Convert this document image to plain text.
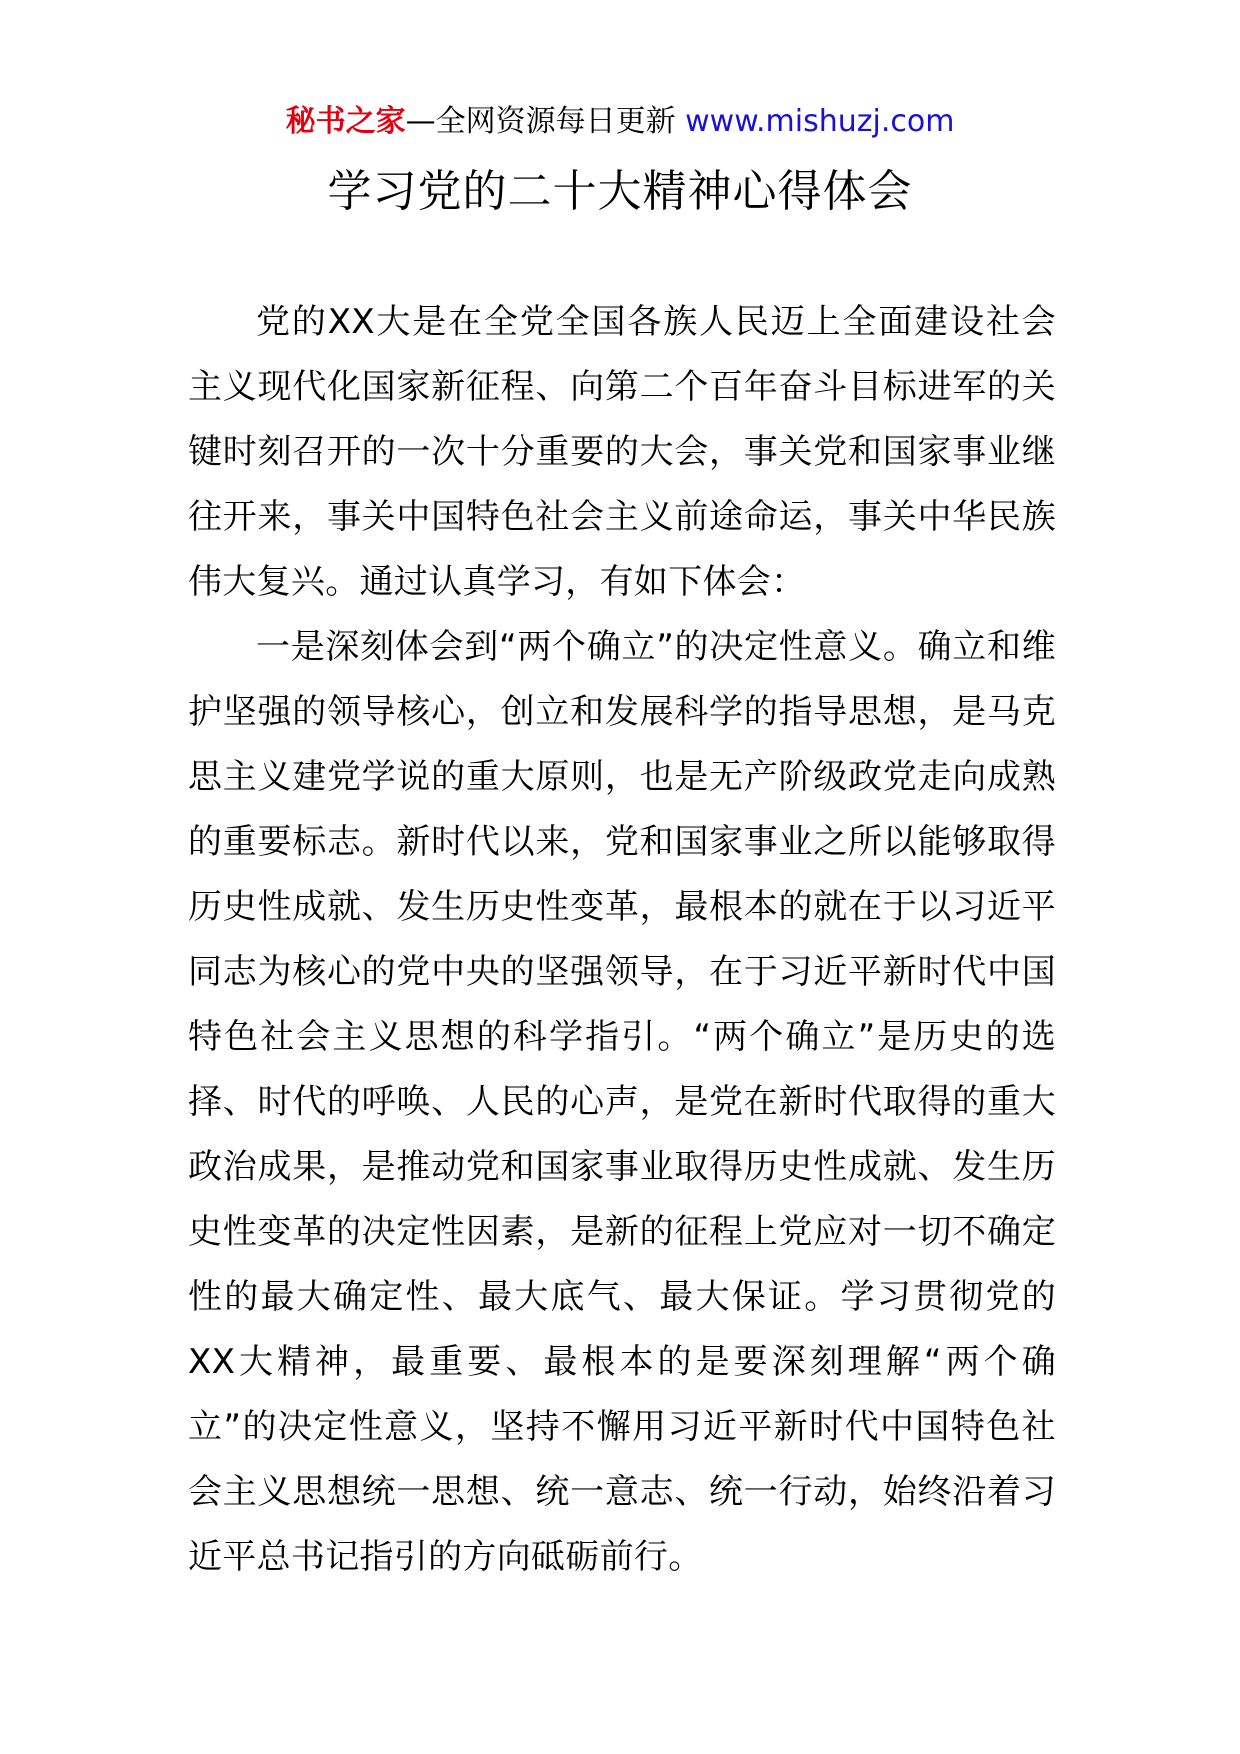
秘书之家—全网资源每日更新 www.mishuzj.com
学习党的二十大精神心得体会

党的XX大是在全党全国各族人民迈上全面建设社会主义现代化国家新征程、向第二个百年奋斗目标进军的关键时刻召开的一次十分重要的大会，事关党和国家事业继往开来，事关中国特色社会主义前途命运，事关中华民族伟大复兴。通过认真学习，有如下体会：

一是深刻体会到“两个确立”的决定性意义。确立和维护坚强的领导核心，创立和发展科学的指导思想，是马克思主义建党学说的重大原则，也是无产阶级政党走向成熟的重要标志。新时代以来，党和国家事业之所以能够取得历史性成就、发生历史性变革，最根本的就在于以习近平同志为核心的党中央的坚强领导，在于习近平新时代中国特色社会主义思想的科学指引。“两个确立”是历史的选择、时代的呼唤、人民的心声，是党在新时代取得的重大政治成果，是推动党和国家事业取得历史性成就、发生历史性变革的决定性因素，是新的征程上党应对一切不确定性的最大确定性、最大底气、最大保证。学习贯彻党的XX大精神，最重要、最根本的是要深刻理解“两个确立”的决定性意义，坚持不懈用习近平新时代中国特色社会主义思想统一思想、统一意志、统一行动，始终沿着习近平总书记指引的方向砥砺前行。
